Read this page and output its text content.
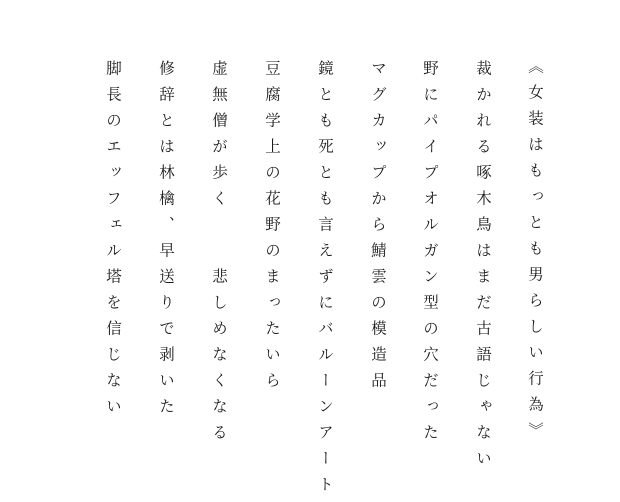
《女装はもっとも男らしい行為》

裁かれる啄木鳥はまだ古語じゃない

野にパイプオルガン型の穴だった

マグカップから鯖雲の模造品

鏡とも死とも言えずにバルーンアート

豆腐学上の花野のまったいら

虚無僧が歩く　　悲しめなくなる

修辞とは林檎、早送りで剥いた

脚長のエッフェル塔を信じない
